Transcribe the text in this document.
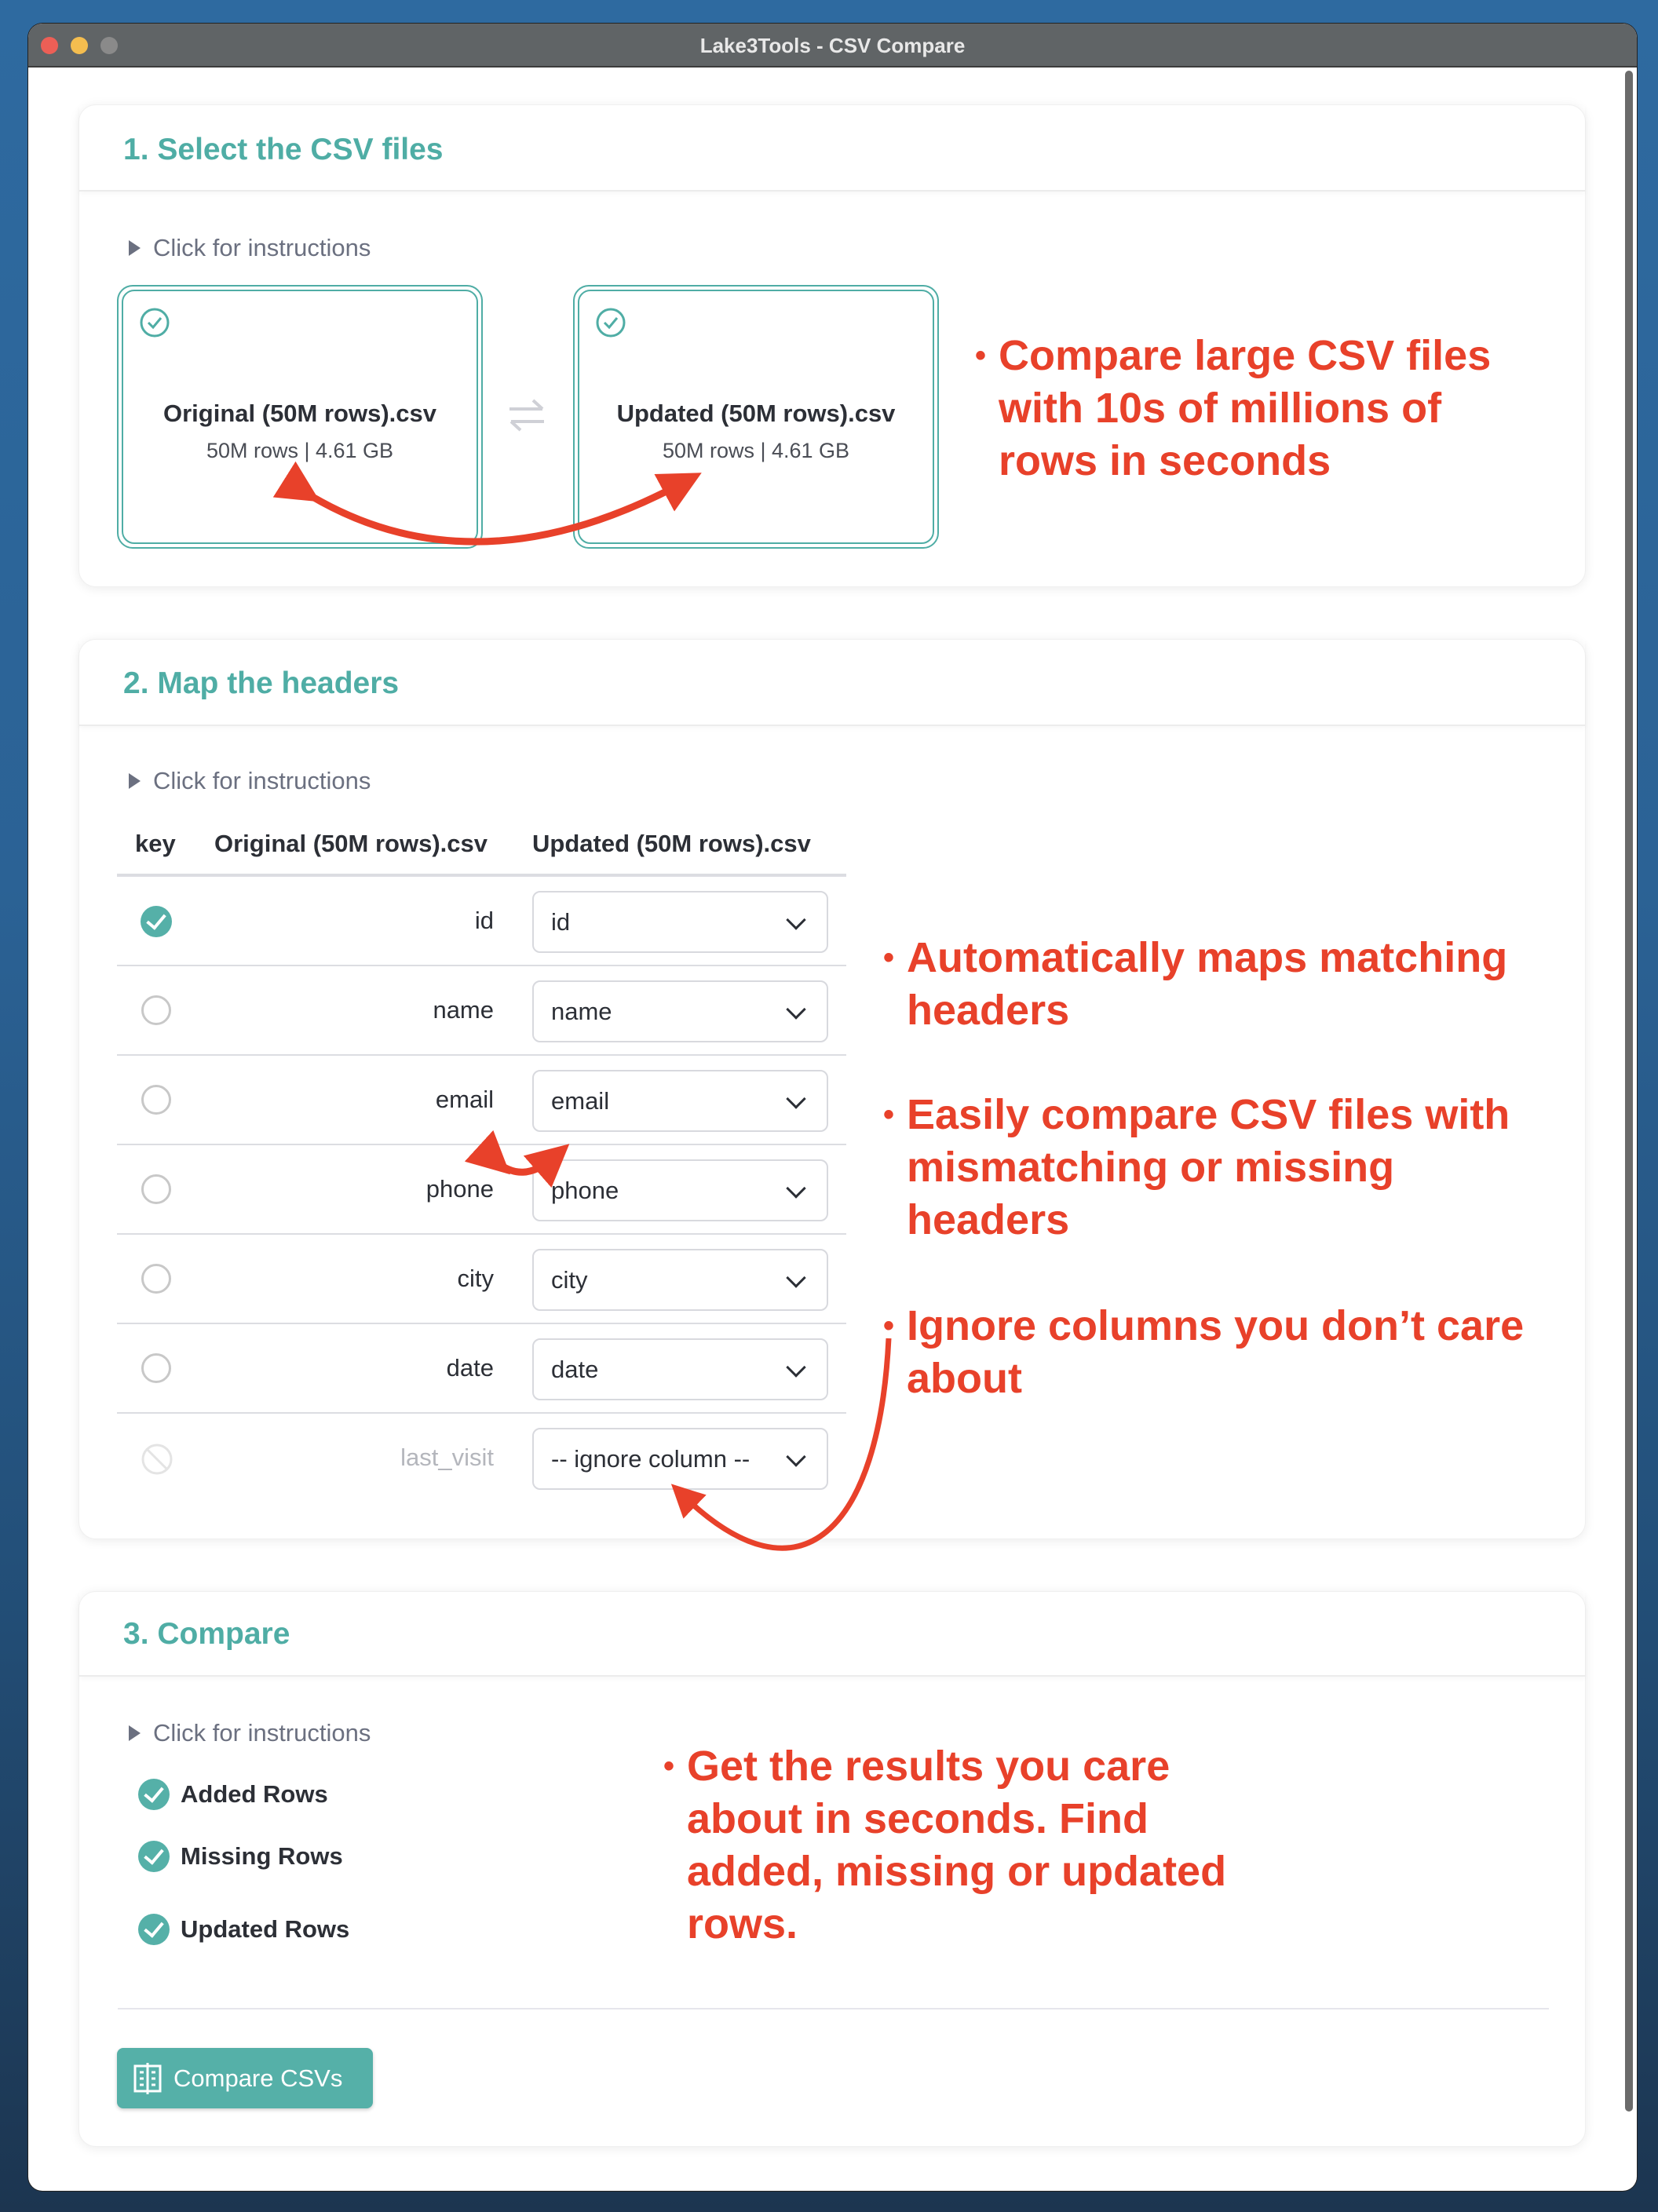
Lake3Tools - CSV Compare
1. Select the CSV files
Click for instructions
Original (50M rows).csv
50M rows | 4.61 GB
Updated (50M rows).csv
50M rows | 4.61 GB
• Compare large CSV files
with 10s of millions of
rows in seconds
2. Map the headers
Click for instructions
key Original (50M rows).csv Updated (50M rows).csv
id	id
name	name
email	email
phone	phone
city	city
date	date
last_visit	-- ignore column --
• Automatically maps matching
headers
• Easily compare CSV files with
mismatching or missing
headers
• Ignore columns you don’t care
about
3. Compare
Click for instructions
Added Rows
Missing Rows
Updated Rows
Compare CSVs
• Get the results you care
about in seconds. Find
added, missing or updated
rows.
